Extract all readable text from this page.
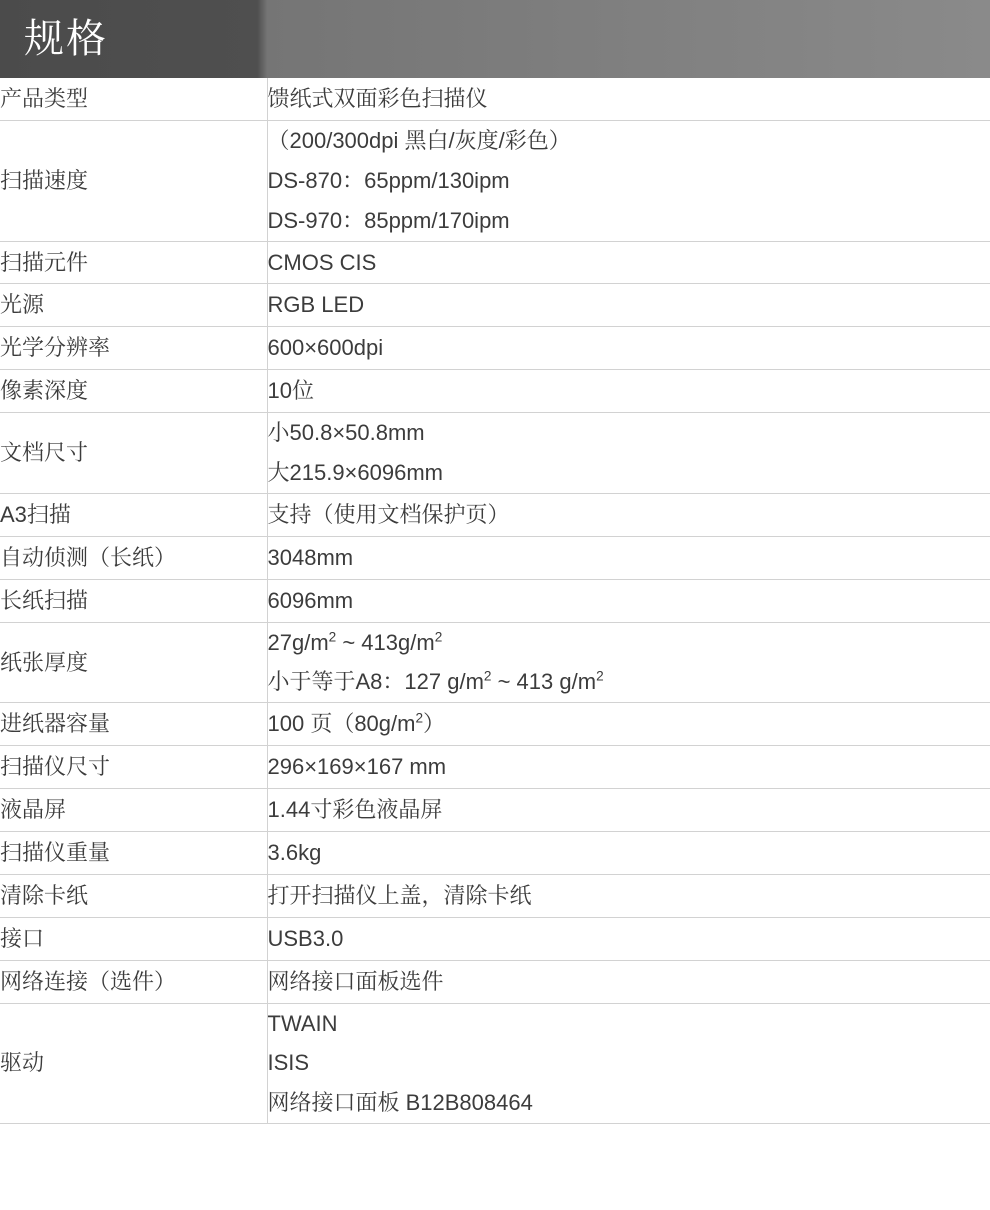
规格
产品类型	馈纸式双面彩色扫描仪

扫描速度	（200/300dpi 黑白/灰度/彩色）
DS-870：65ppm/130ipm
DS-970：85ppm/170ipm

扫描元件	CMOS CIS

光源	RGB LED

光学分辨率	600×600dpi

像素深度	10位

文档尺寸	小50.8×50.8mm
大215.9×6096mm

A3扫描	支持（使用文档保护页）

自动侦测（长纸）	3048mm

长纸扫描	6096mm

纸张厚度	$27g/m^2$ ~ $413g/m^2$
小于等于A8：127 $g/m^2$ ~ 413 $g/m^2$

进纸器容量	100 页$(80g/m^2)$

扫描仪尺寸	296×169×167 mm

液晶屏	1.44寸彩色液晶屏

扫描仪重量	3.6kg

清除卡纸	打开扫描仪上盖，清除卡纸

接口	USB3.0

网络连接（选件）	网络接口面板选件

驱动	TWAIN
ISIS
网络接口面板 B12B808464
